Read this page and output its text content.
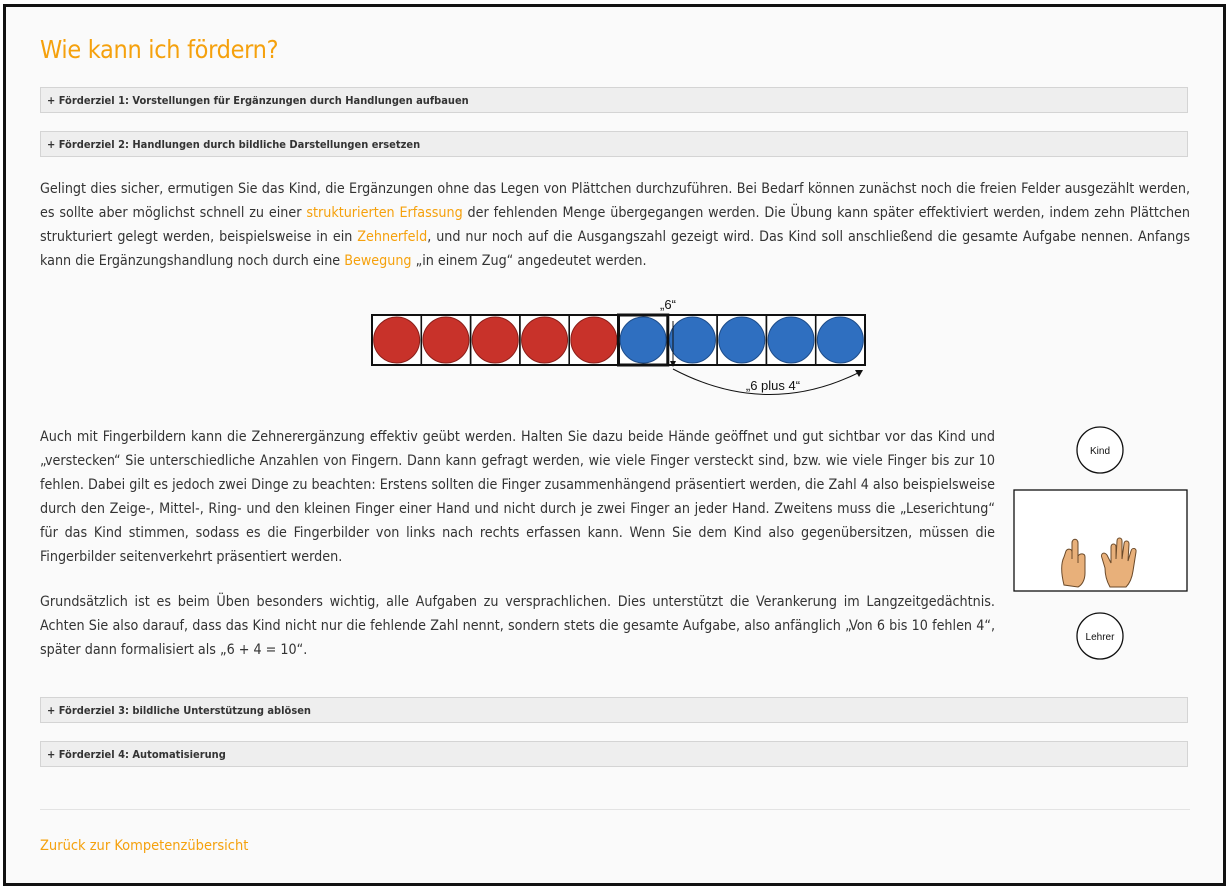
Wie kann ich fördern?
+ Förderziel 1: Vorstellungen für Ergänzungen durch Handlungen aufbauen
+ Förderziel 2: Handlungen durch bildliche Darstellungen ersetzen

Gelingt dies sicher, ermutigen Sie das Kind, die Ergänzungen ohne das Legen von Plättchen durchzuführen. Bei Bedarf können zunächst noch die freien Felder ausgezählt werden, es sollte aber möglichst schnell zu einer strukturierten Erfassung der fehlenden Menge übergegangen werden. Die Übung kann später effektiviert werden, indem zehn Plättchen strukturiert gelegt werden, beispielsweise in ein Zehnerfeld, und nur noch auf die Ausgangszahl gezeigt wird. Das Kind soll anschließend die gesamte Aufgabe nennen. Anfangs kann die Ergänzungshandlung noch durch eine Bewegung „in einem Zug“ angedeutet werden.

„6“
„6 plus 4“

Auch mit Fingerbildern kann die Zehnerergänzung effektiv geübt werden. Halten Sie dazu beide Hände geöffnet und gut sichtbar vor das Kind und „verstecken“ Sie unterschiedliche Anzahlen von Fingern. Dann kann gefragt werden, wie viele Finger versteckt sind, bzw. wie viele Finger bis zur 10 fehlen. Dabei gilt es jedoch zwei Dinge zu beachten: Erstens sollten die Finger zusammenhängend präsentiert werden, die Zahl 4 also beispielsweise durch den Zeige-, Mittel-, Ring- und den kleinen Finger einer Hand und nicht durch je zwei Finger an jeder Hand. Zweitens muss die „Leserichtung“ für das Kind stimmen, sodass es die Fingerbilder von links nach rechts erfassen kann. Wenn Sie dem Kind also gegenübersitzen, müssen die Fingerbilder seitenverkehrt präsentiert werden.

Grundsätzlich ist es beim Üben besonders wichtig, alle Aufgaben zu versprachlichen. Dies unterstützt die Verankerung im Langzeitgedächtnis. Achten Sie also darauf, dass das Kind nicht nur die fehlende Zahl nennt, sondern stets die gesamte Aufgabe, also anfänglich „Von 6 bis 10 fehlen 4“, später dann formalisiert als „6 + 4 = 10“.

Kind
Lehrer
+ Förderziel 3: bildliche Unterstützung ablösen
+ Förderziel 4: Automatisierung
Zurück zur Kompetenzübersicht
